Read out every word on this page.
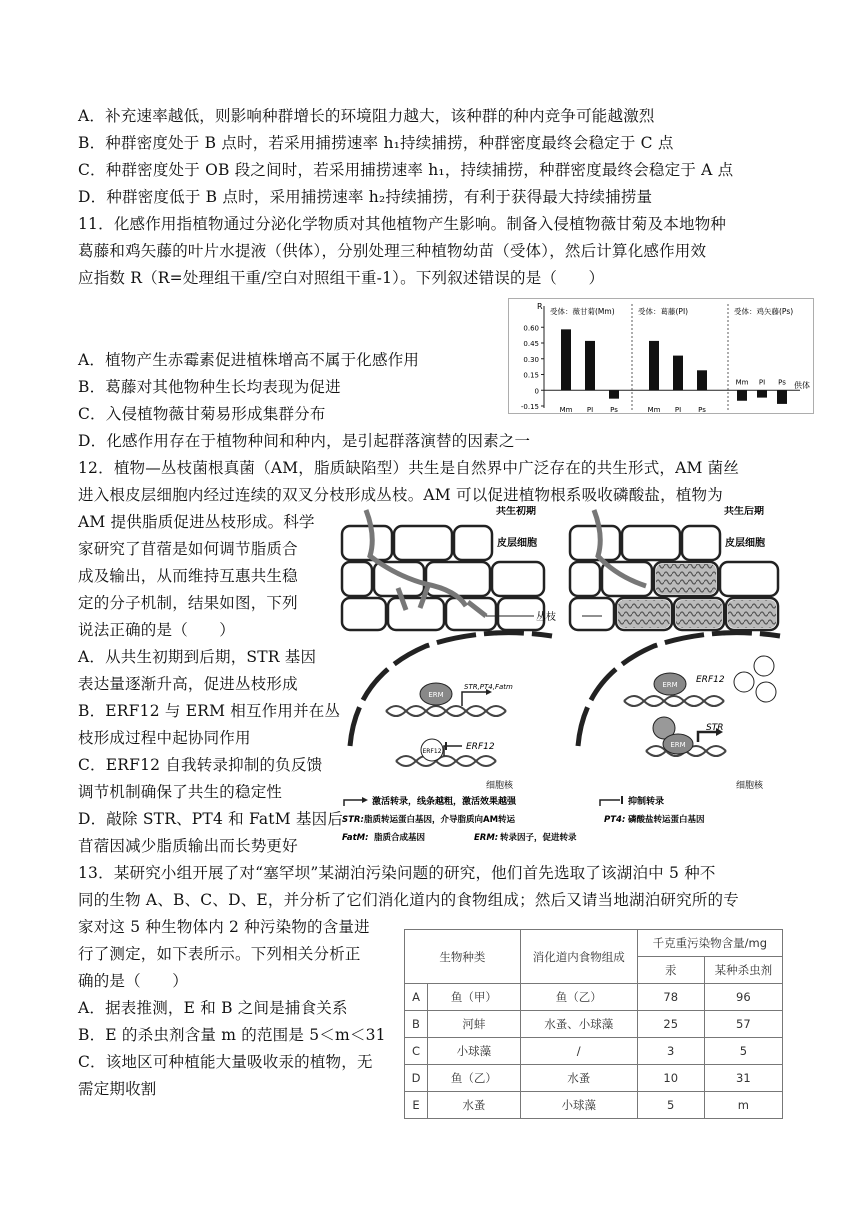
A．补充速率越低，则影响种群增长的环境阻力越大，该种群的种内竞争可能越激烈
B．种群密度处于 B 点时，若采用捕捞速率 h₁持续捕捞，种群密度最终会稳定于 C 点
C．种群密度处于 OB 段之间时，若采用捕捞速率 h₁，持续捕捞，种群密度最终会稳定于 A 点
D．种群密度低于 B 点时，采用捕捞速率 h₂持续捕捞，有利于获得最大持续捕捞量
11．化感作用指植物通过分泌化学物质对其他植物产生影响。制备入侵植物薇甘菊及本地物种
葛藤和鸡矢藤的叶片水提液（供体），分别处理三种植物幼苗（受体），然后计算化感作用效
应指数 R（R=处理组干重/空白对照组干重-1）。下列叙述错误的是（　　）
A．植物产生赤霉素促进植株增高不属于化感作用
B．葛藤对其他物种生长均表现为促进
C．入侵植物薇甘菊易形成集群分布
D．化感作用存在于植物种间和种内，是引起群落演替的因素之一
12．植物—丛枝菌根真菌（AM，脂质缺陷型）共生是自然界中广泛存在的共生形式，AM 菌丝
进入根皮层细胞内经过连续的双叉分枝形成丛枝。AM 可以促进植物根系吸收磷酸盐，植物为
AM 提供脂质促进丛枝形成。科学
家研究了苜蓿是如何调节脂质合
成及输出，从而维持互惠共生稳
定的分子机制，结果如图，下列
说法正确的是（　　）
A．从共生初期到后期，STR 基因
表达量逐渐升高，促进丛枝形成
B．ERF12 与 ERM 相互作用并在丛
枝形成过程中起协同作用
C．ERF12 自我转录抑制的负反馈
调节机制确保了共生的稳定性
D．敲除 STR、PT4 和 FatM 基因后
苜蓿因减少脂质输出而长势更好
13．某研究小组开展了对“塞罕坝”某湖泊污染问题的研究，他们首先选取了该湖泊中 5 种不
同的生物 A、B、C、D、E，并分析了它们消化道内的食物组成；然后又请当地湖泊研究所的专
家对这 5 种生物体内 2 种污染物的含量进
行了测定，如下表所示。下列相关分析正
确的是（　　）
A．据表推测，E 和 B 之间是捕食关系
B．E 的杀虫剂含量 m 的范围是 5＜m＜31
C．该地区可种植能大量吸收汞的植物，无
需定期收割
R
供体
0.60
0.45
0.30
0.15
0
-0.15
受体：薇甘菊(Mm)
Mm PI Ps
受体：葛藤(PI)
Mm PI Ps
受体：鸡矢藤(Ps)
Mm PI Ps
共生初期
皮层细胞
共生后期
皮层细胞
丛枝
ERM
STR,PT4,Fatm
ERF12	ERF12
细胞核
ERM ERF12
ERM
STR
细胞核
激活转录，线条越粗，激活效果越强	抑制转录
STR: 脂质转运蛋白基因，介导脂质向AM转运	PT4: 磷酸盐转运蛋白基因
FatM: 脂质合成基因	ERM: 转录因子，促进转录
生物种类		消化道内食物组成	千克重污染物含量/mg	
			汞	某种杀虫剂
A	鱼（甲）	鱼（乙）	78	96
B	河蚌	水蚤、小球藻	25	57
C	小球藻	/	3	5
D	鱼（乙）	水蚤	10	31
E	水蚤	小球藻	5	m
